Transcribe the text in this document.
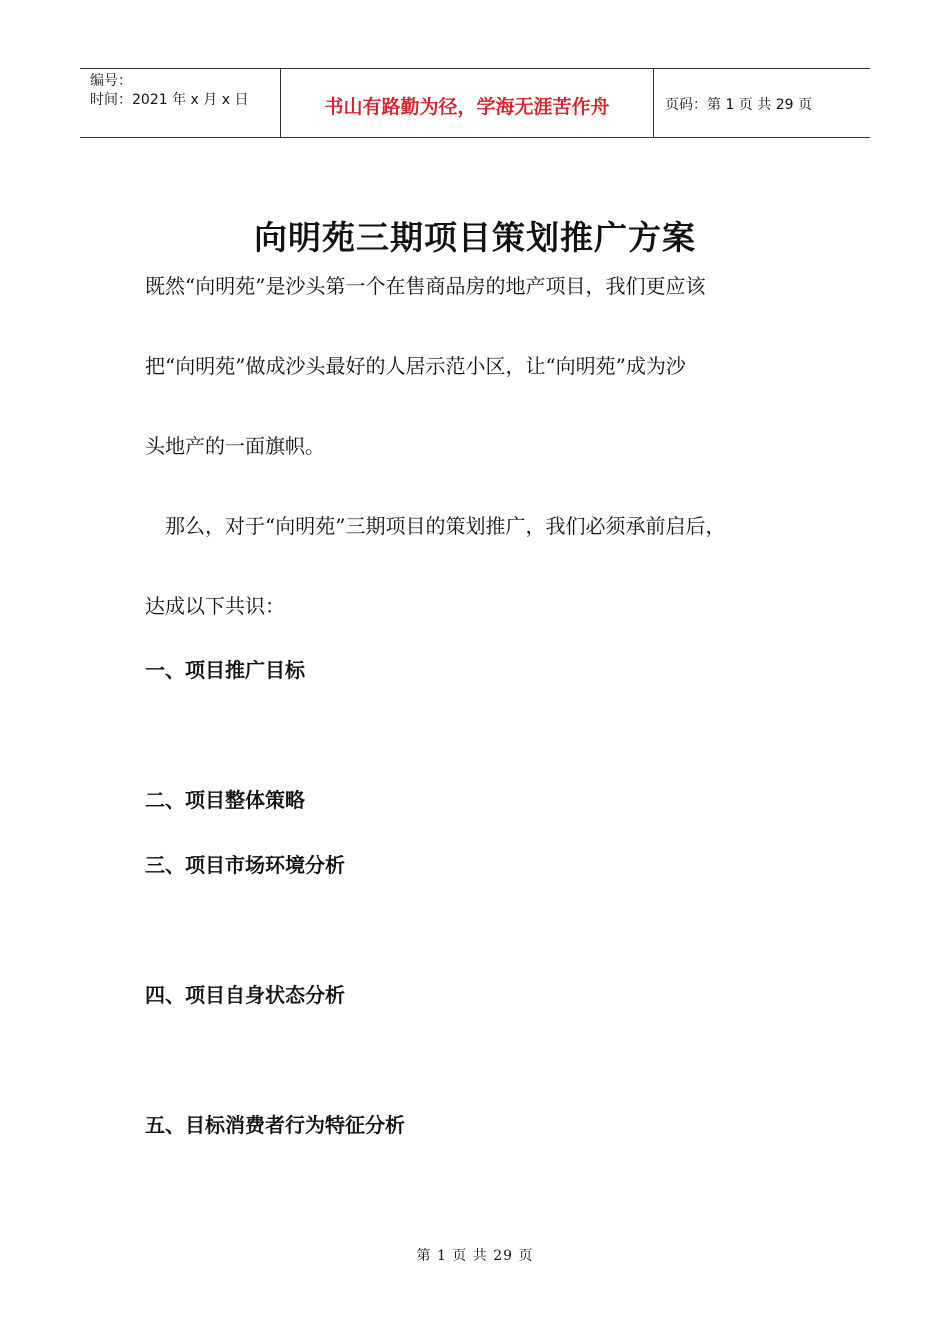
编号：
时间：2021 年 x 月 x 日	书山有路勤为径，学海无涯苦作舟	页码：第 1 页 共 29 页
向明苑三期项目策划推广方案

既然“向明苑”是沙头第一个在售商品房的地产项目，我们更应该

把“向明苑”做成沙头最好的人居示范小区，让“向明苑”成为沙

头地产的一面旗帜。

　那么，对于“向明苑”三期项目的策划推广，我们必须承前启后，

达成以下共识：

一、项目推广目标
二、项目整体策略
三、项目市场环境分析
四、项目自身状态分析
五、目标消费者行为特征分析
第 1 页 共 29 页
